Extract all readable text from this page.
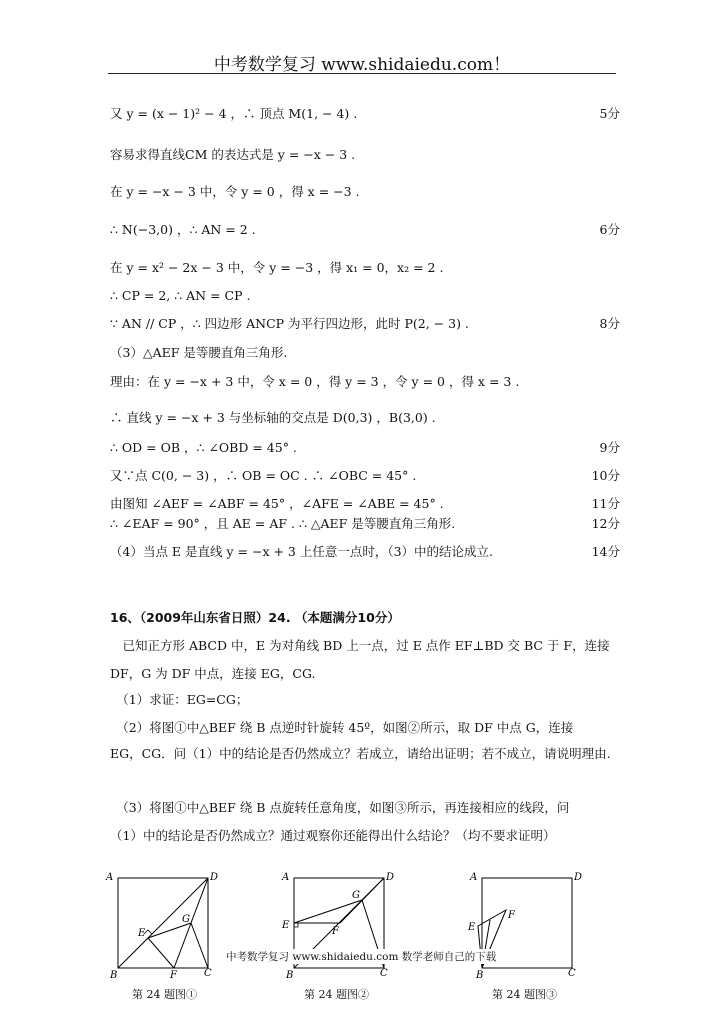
中考数学复习 www.shidaiedu.com！
又 y = (x − 1)² − 4 ，∴ 顶点 M(1, − 4) .	5分
容易求得直线CM 的表达式是 y = −x − 3 .
在 y = −x − 3 中，令 y = 0 ，得 x = −3 .
∴ N(−3,0) ，∴ AN = 2 .	6分
在 y = x² − 2x − 3 中，令 y = −3 ，得 x₁ = 0，x₂ = 2 .
∴ CP = 2, ∴ AN = CP .
∵ AN // CP ，∴ 四边形 ANCP 为平行四边形，此时 P(2, − 3) .	8分
（3）△AEF 是等腰直角三角形.
理由：在 y = −x + 3 中，令 x = 0 ，得 y = 3 ，令 y = 0 ，得 x = 3 .
∴ 直线 y = −x + 3 与坐标轴的交点是 D(0,3) ，B(3,0) .
∴ OD = OB ，∴ ∠OBD = 45° .	9分
又∵点 C(0, − 3) ，∴ OB = OC . ∴ ∠OBC = 45° .	10分
由图知 ∠AEF = ∠ABF = 45° ，∠AFE = ∠ABE = 45° .	11分
∴ ∠EAF = 90° ，且 AE = AF . ∴ △AEF 是等腰直角三角形.	12分
（4）当点 E 是直线 y = −x + 3 上任意一点时，（3）中的结论成立.	14分
16、（2009年山东省日照）24. （本题满分10分）
　已知正方形 ABCD 中，E 为对角线 BD 上一点，过 E 点作 EF⊥BD 交 BC 于 F，连接
DF，G 为 DF 中点，连接 EG，CG.
　（1）求证：EG=CG；
　（2）将图①中△BEF 绕 B 点逆时针旋转 45º，如图②所示，取 DF 中点 G，连接
EG，CG．问（1）中的结论是否仍然成立？若成立，请给出证明；若不成立，请说明理由.
　（3）将图①中△BEF 绕 B 点旋转任意角度，如图③所示，再连接相应的线段，问
（1）中的结论是否仍然成立？通过观察你还能得出什么结论？（均不要求证明）
A	D
B	C
E
F
G
第 24 题图①
A	D
B	C
E
F
G
第 24 题图②
A	D
B	C
E
F
第 24 题图③
中考数学复习 www.shidaiedu.com 数学老师自己的下载
